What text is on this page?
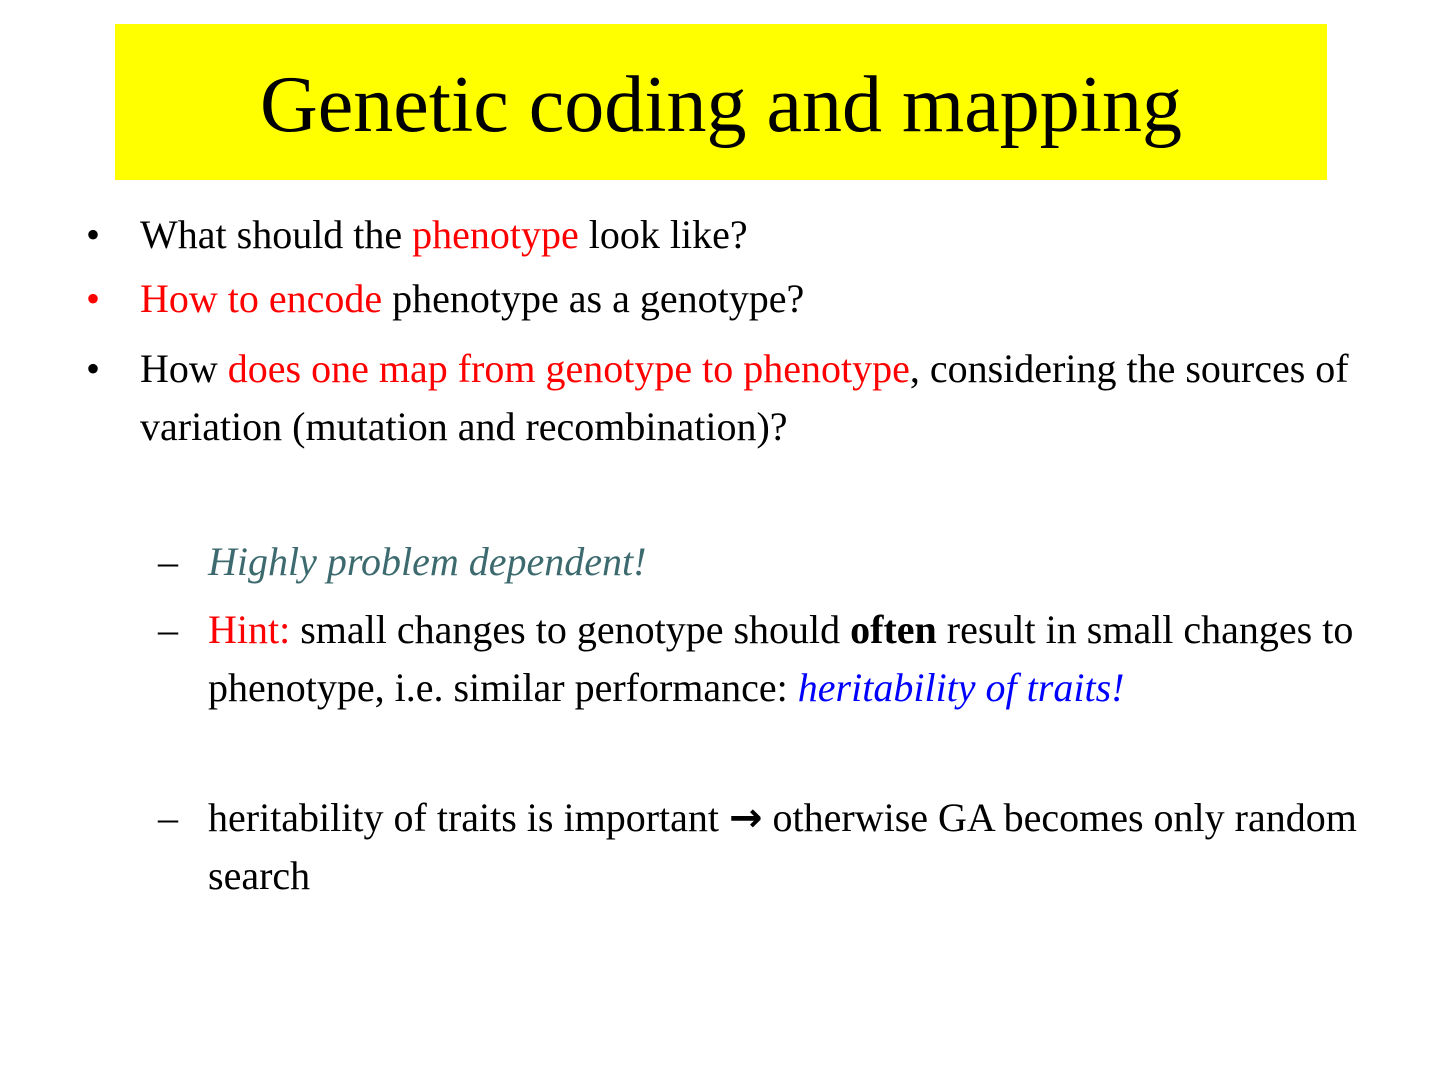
Genetic coding and mapping
• What should the phenotype look like?
• How to encode phenotype as a genotype?
• How does one map from genotype to phenotype, considering the sources of variation (mutation and recombination)?
– Highly problem dependent!
– Hint: small changes to genotype should often result in small changes to phenotype, i.e. similar performance: heritability of traits!
– heritability of traits is important → otherwise GA becomes only random search
